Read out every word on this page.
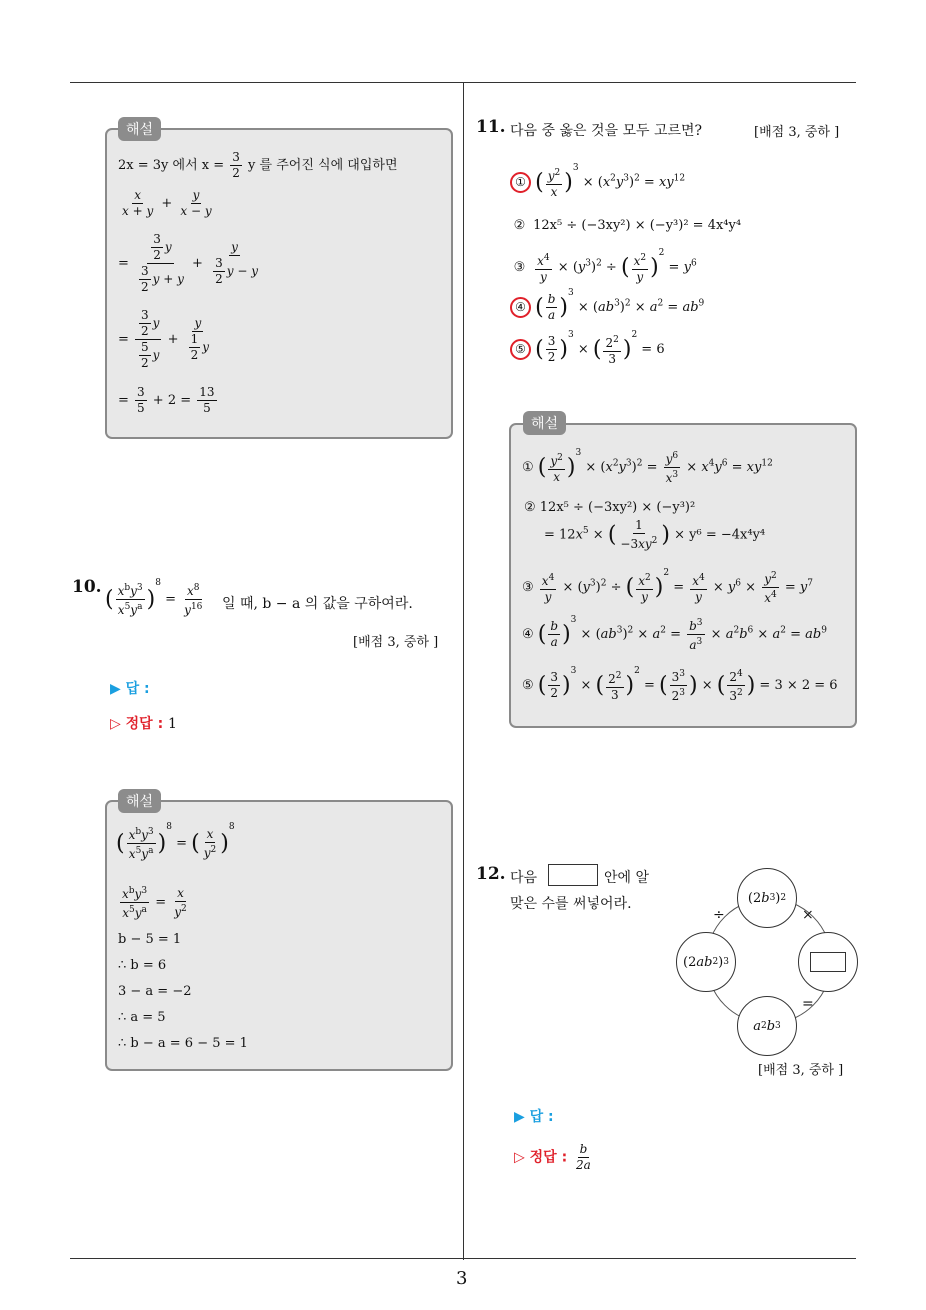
3
해설
2x = 3y 에서 $x = \frac{3}{2}$ y 를 주어진 식에 대입하면
$\frac{x}{x + y} + \frac{y}{x - y}$
= $\frac{\frac{3}{2} y}{\frac{3}{2} y + y} + \frac{y}{\frac{3}{2} y - y}$
= $\frac{\frac{3}{2} y}{\frac{5}{2} y} + \frac{y}{\frac{1}{2} y}$
= $\frac{3}{5} + 2 = \frac{13}{5}$
10. ( $\frac{x^by^3}{x^5y^a} )^8 = \frac{x^8}{y^{16}}$ 일 때, b − a 의 값을 구하여라.
[배점 3, 중하 ]
▶ 답 :
▷ 정답 : 1
해설
( $\frac{x^by^3}{x^5y^a} )^8$ = ( $\frac{x}{y^2} )^8$
$\frac{x^by^3}{x^5y^a} = \frac{x}{y^2}$
b − 5 = 1
∴ b = 6
3 − a = −2
∴ a = 5
∴ b − a = 6 − 5 = 1
11. 다음 중 옳은 것을 모두 고르면?	[배점 3, 중하 ]
① ( $\frac{y^2}{x} )^3 \times (x^2y^3)^2 = xy^{12}$
② 12x⁵ ÷ (−3xy²) × (−y³)² = 4x⁴y⁴
③ $\frac{x^4}{y} \times (y^3)^2$ ÷ ( $\frac{x^2}{y} )^2 = y^6$
④ ( $\frac{b}{a} )^3 \times (ab^3)^2 \times a^2 = ab^9$
⑤ ( $\frac{3}{2} )^3$ × ( $\frac{2^2}{3} )^2 = 6$
해설
① ( $\frac{y^2}{x} )^3 \times (x^2y^3)^2 = \frac{y^6}{x^3} \times x^4y^6 = xy^{12}$
② 12x⁵ ÷ (−3xy²) × (−y³)²
= $12x^5$ × ( $\frac{1}{-3xy^2}$ ) × y⁶ = −4x⁴y⁴
③ $\frac{x^4}{y} \times (y^3)^2$ ÷ ( $\frac{x^2}{y} )^2 = \frac{x^4}{y} \times y^6 \times \frac{y^2}{x^4} = y^7$
④ ( $\frac{b}{a} )^3 \times (ab^3)^2 \times a^2 = \frac{b^3}{a^3} \times a^2b^6 \times a^2 = ab^9$
⑤ ( $\frac{3}{2} )^3$ × ( $\frac{2^2}{3} )^2$ = ( $\frac{3^3}{2^3}$ ) × ( $\frac{2^4}{3^2}$ ) = 3 × 2 = 6
12. 다음	안에 알
맞은 수를 써넣어라.	(2 b 3 ) 2
(2 ab 2 ) 3
a 2 b 3
÷	×
=
[배점 3, 중하 ]
▶ 답 :
▷ 정답 : $\frac{b}{2a}$
